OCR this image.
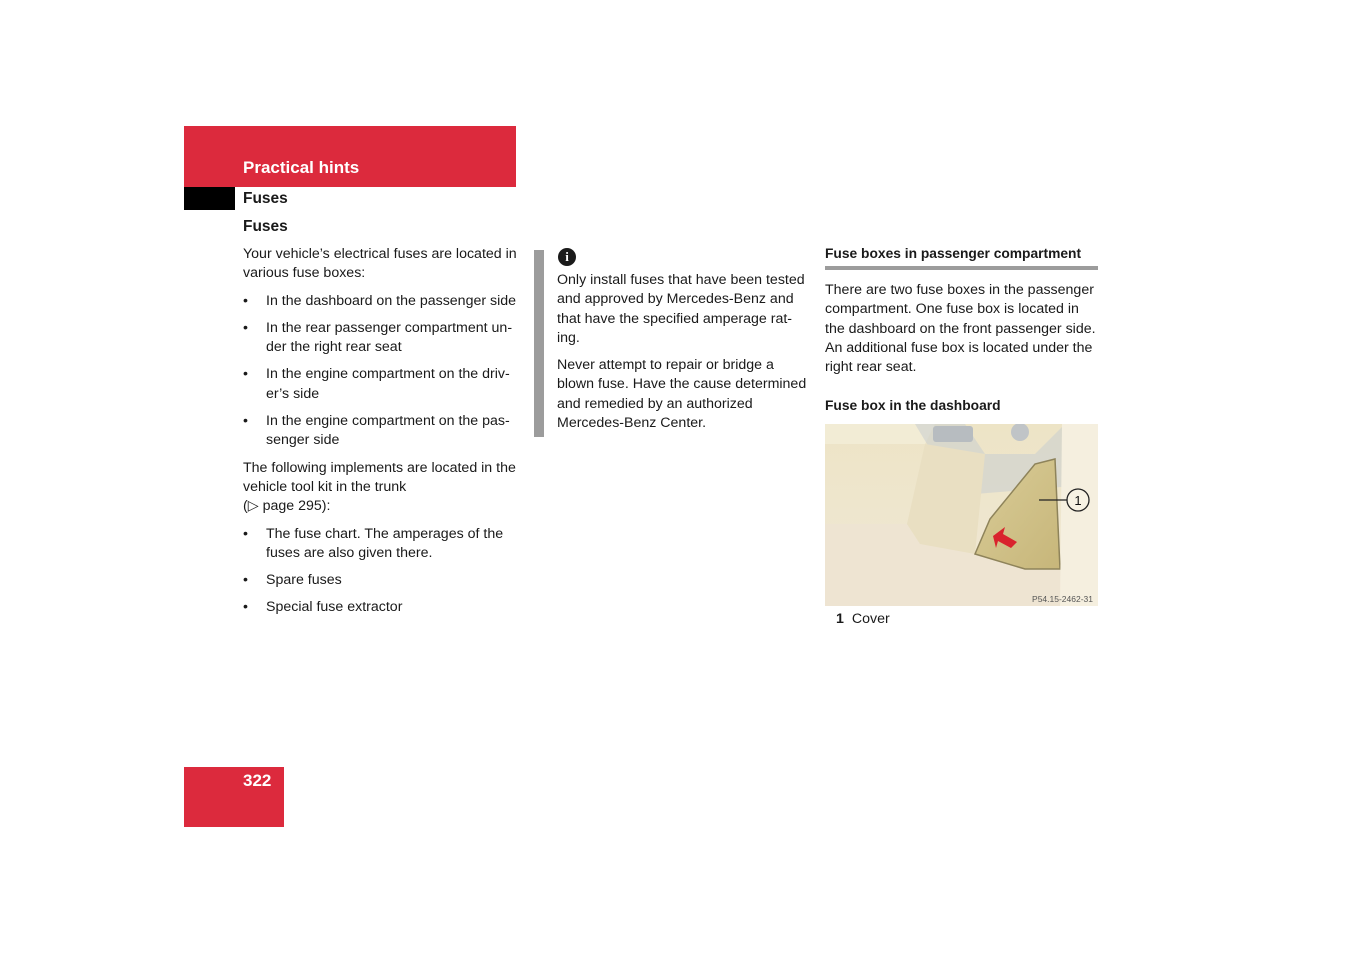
Practical hints
Fuses
Fuses

Your vehicle’s electrical fuses are located in various fuse boxes:

• In the dashboard on the passenger side
• In the rear passenger compartment un-der the right rear seat
• In the engine compartment on the driv-er’s side
• In the engine compartment on the pas-senger side

The following implements are located in the vehicle tool kit in the trunk
(▷ page 295):

• The fuse chart. The amperages of the fuses are also given there.
• Spare fuses
• Special fuse extractor
i

Only install fuses that have been tested and approved by Mercedes-Benz and that have the specified amperage rat-ing.

Never attempt to repair or bridge a blown fuse. Have the cause determined and remedied by an authorized Mercedes-Benz Center.

Fuse boxes in passenger compartment

There are two fuse boxes in the passenger compartment. One fuse box is located in the dashboard on the front passenger side. An additional fuse box is located under the right rear seat.

Fuse box in the dashboard
1
P54.15-2462-31
1 Cover
322
